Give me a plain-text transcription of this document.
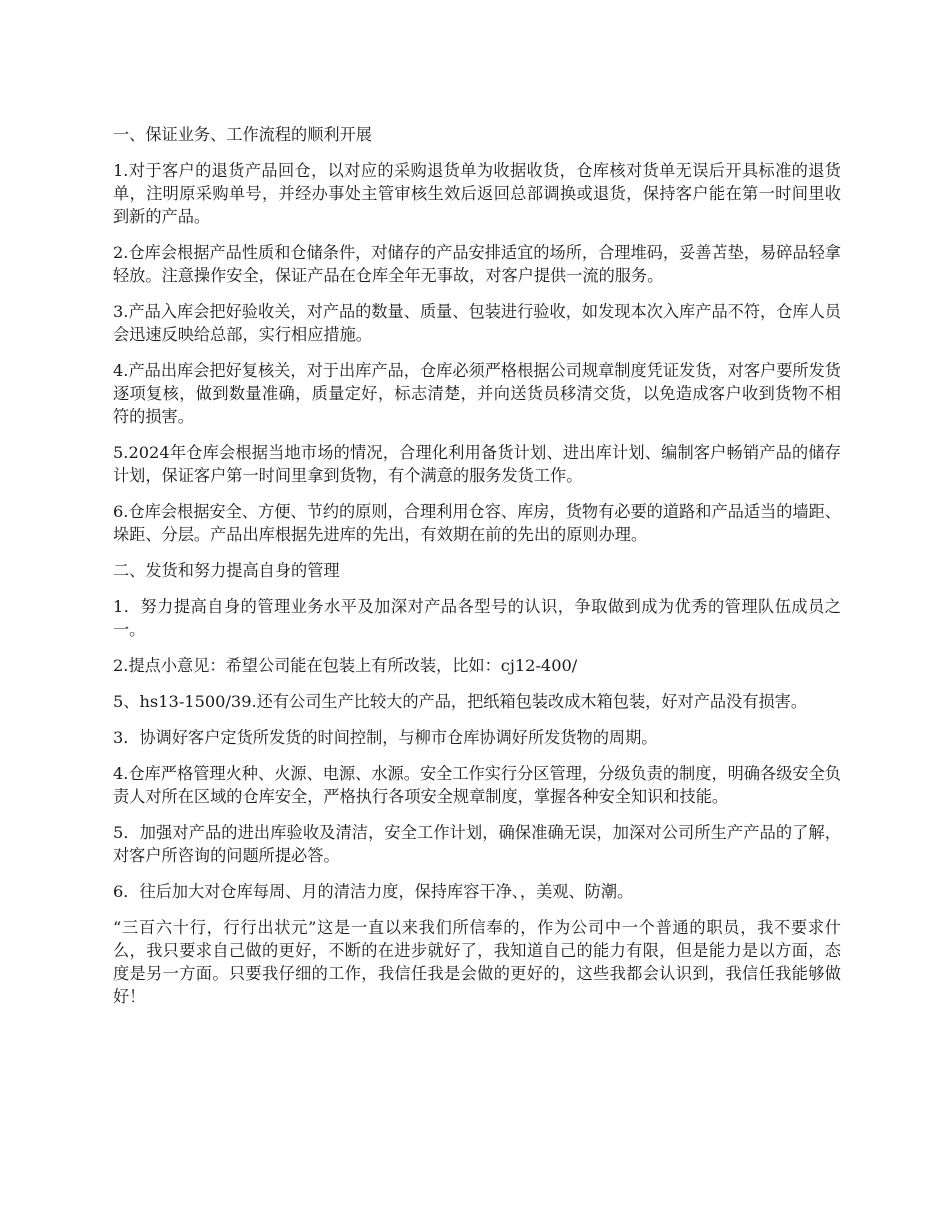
一、保证业务、工作流程的顺利开展

1.对于客户的退货产品回仓，以对应的采购退货单为收据收货，仓库核对货单无误后开具标准的退货单，注明原采购单号，并经办事处主管审核生效后返回总部调换或退货，保持客户能在第一时间里收到新的产品。

2.仓库会根据产品性质和仓储条件，对储存的产品安排适宜的场所，合理堆码，妥善苫垫，易碎品轻拿轻放。注意操作安全，保证产品在仓库全年无事故，对客户提供一流的服务。

3.产品入库会把好验收关，对产品的数量、质量、包装进行验收，如发现本次入库产品不符，仓库人员会迅速反映给总部，实行相应措施。

4.产品出库会把好复核关，对于出库产品，仓库必须严格根据公司规章制度凭证发货，对客户要所发货逐项复核，做到数量准确，质量定好，标志清楚，并向送货员移清交货，以免造成客户收到货物不相符的损害。

5.2024年仓库会根据当地市场的情况，合理化利用备货计划、进出库计划、编制客户畅销产品的储存计划，保证客户第一时间里拿到货物，有个满意的服务发货工作。

6.仓库会根据安全、方便、节约的原则，合理利用仓容、库房，货物有必要的道路和产品适当的墙距、垛距、分层。产品出库根据先进库的先出，有效期在前的先出的原则办理。

二、发货和努力提高自身的管理

1．努力提高自身的管理业务水平及加深对产品各型号的认识，争取做到成为优秀的管理队伍成员之一。

2.提点小意见：希望公司能在包装上有所改装，比如：cj12-400/

5、hs13-1500/39.还有公司生产比较大的产品，把纸箱包装改成木箱包装，好对产品没有损害。

3．协调好客户定货所发货的时间控制，与柳市仓库协调好所发货物的周期。

4.仓库严格管理火种、火源、电源、水源。安全工作实行分区管理，分级负责的制度，明确各级安全负责人对所在区域的仓库安全，严格执行各项安全规章制度，掌握各种安全知识和技能。

5．加强对产品的进出库验收及清洁，安全工作计划，确保准确无误，加深对公司所生产产品的了解，对客户所咨询的问题所提必答。

6．往后加大对仓库每周、月的清洁力度，保持库容干净、，美观、防潮。

“三百六十行，行行出状元”这是一直以来我们所信奉的，作为公司中一个普通的职员，我不要求什么，我只要求自己做的更好，不断的在进步就好了，我知道自己的能力有限，但是能力是以方面，态度是另一方面。只要我仔细的工作，我信任我是会做的更好的，这些我都会认识到，我信任我能够做好！
